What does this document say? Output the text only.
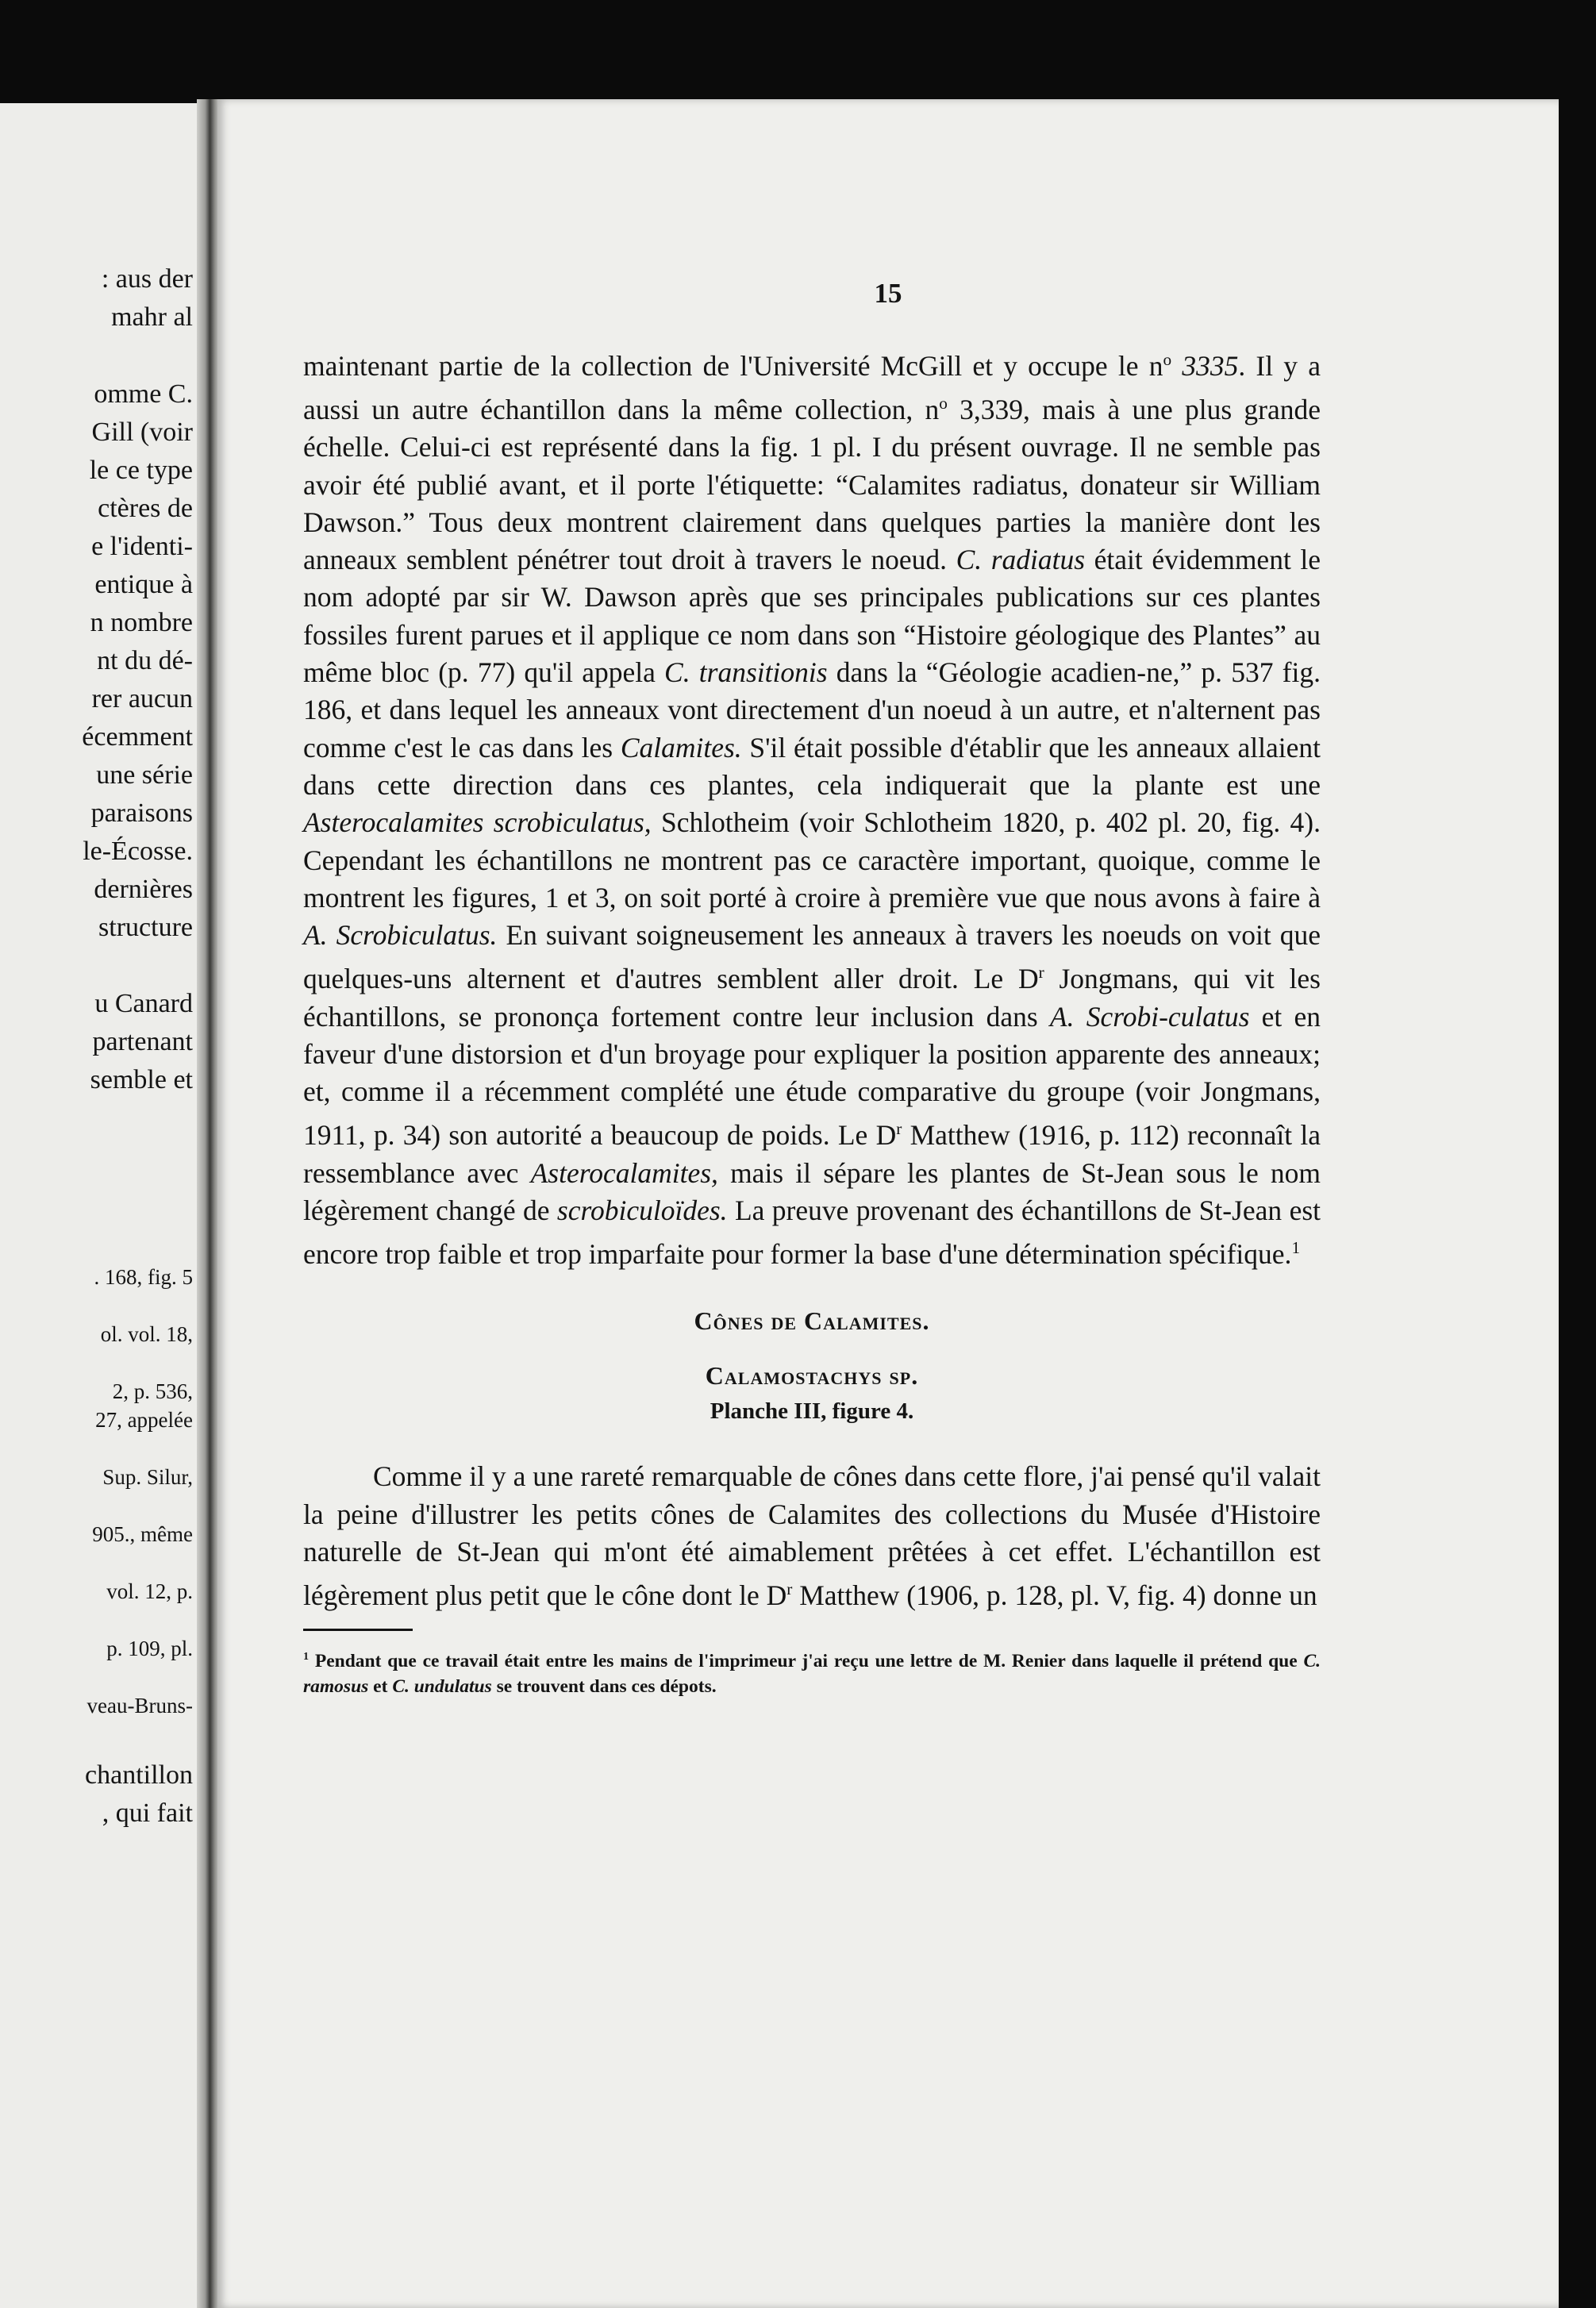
: aus der
mahr al
omme C.
Gill (voir
le ce type
ctères de
e l'identi-
entique à
n nombre
nt du dé-
rer aucun
écemment
une série
paraisons
le-Écosse.
dernières
structure
u Canard
partenant
semble et
. 168, fig. 5
ol. vol. 18,
2, p. 536,
27, appelée
Sup. Silur,
905., même
vol. 12, p.
p. 109, pl.
veau-Bruns-
chantillon
, qui fait

15

maintenant partie de la collection de l'Université McGill et y occupe le $n^o$ 3335. Il y a aussi un autre échantillon dans la même collection, $n^o$ 3,339, mais à une plus grande échelle. Celui-ci est représenté dans la fig. 1 pl. I du présent ouvrage. Il ne semble pas avoir été publié avant, et il porte l'étiquette: “Calamites radiatus, donateur sir William Dawson.” Tous deux montrent clairement dans quelques parties la manière dont les anneaux semblent pénétrer tout droit à travers le noeud. C. radiatus était évidemment le nom adopté par sir W. Dawson après que ses principales publications sur ces plantes fossiles furent parues et il applique ce nom dans son “Histoire géologique des Plantes” au même bloc (p. 77) qu'il appela C. transitionis dans la “Géologie acadien-ne,” p. 537 fig. 186, et dans lequel les anneaux vont directement d'un noeud à un autre, et n'alternent pas comme c'est le cas dans les Calamites. S'il était possible d'établir que les anneaux allaient dans cette direction dans ces plantes, cela indiquerait que la plante est une Asterocalamites scrobiculatus, Schlotheim (voir Schlotheim 1820, p. 402 pl. 20, fig. 4). Cependant les échantillons ne montrent pas ce caractère important, quoique, comme le montrent les figures, 1 et 3, on soit porté à croire à première vue que nous avons à faire à A. Scrobiculatus. En suivant soigneusement les anneaux à travers les noeuds on voit que quelques-uns alternent et d'autres semblent aller droit. Le $D^r$ Jongmans, qui vit les échantillons, se prononça fortement contre leur inclusion dans A. Scrobi-culatus et en faveur d'une distorsion et d'un broyage pour expliquer la position apparente des anneaux; et, comme il a récemment complété une étude comparative du groupe (voir Jongmans, 1911, p. 34) son autorité a beaucoup de poids. Le $D^r$ Matthew (1916, p. 112) reconnaît la ressemblance avec Asterocalamites, mais il sépare les plantes de St-Jean sous le nom légèrement changé de scrobiculoïdes. La preuve provenant des échantillons de St-Jean est encore trop faible et trop imparfaite pour former la base d'une détermination spécifique.$^1$

Cônes de Calamites.

Calamostachys sp.

Planche III, figure 4.

Comme il y a une rareté remarquable de cônes dans cette flore, j'ai pensé qu'il valait la peine d'illustrer les petits cônes de Calamites des collections du Musée d'Histoire naturelle de St-Jean qui m'ont été aimablement prêtées à cet effet. L'échantillon est légèrement plus petit que le cône dont le $D^r$ Matthew (1906, p. 128, pl. V, fig. 4) donne un

$^1$ Pendant que ce travail était entre les mains de l'imprimeur j'ai reçu une lettre de M. Renier dans laquelle il prétend que C. ramosus et C. undulatus se trouvent dans ces dépots.
